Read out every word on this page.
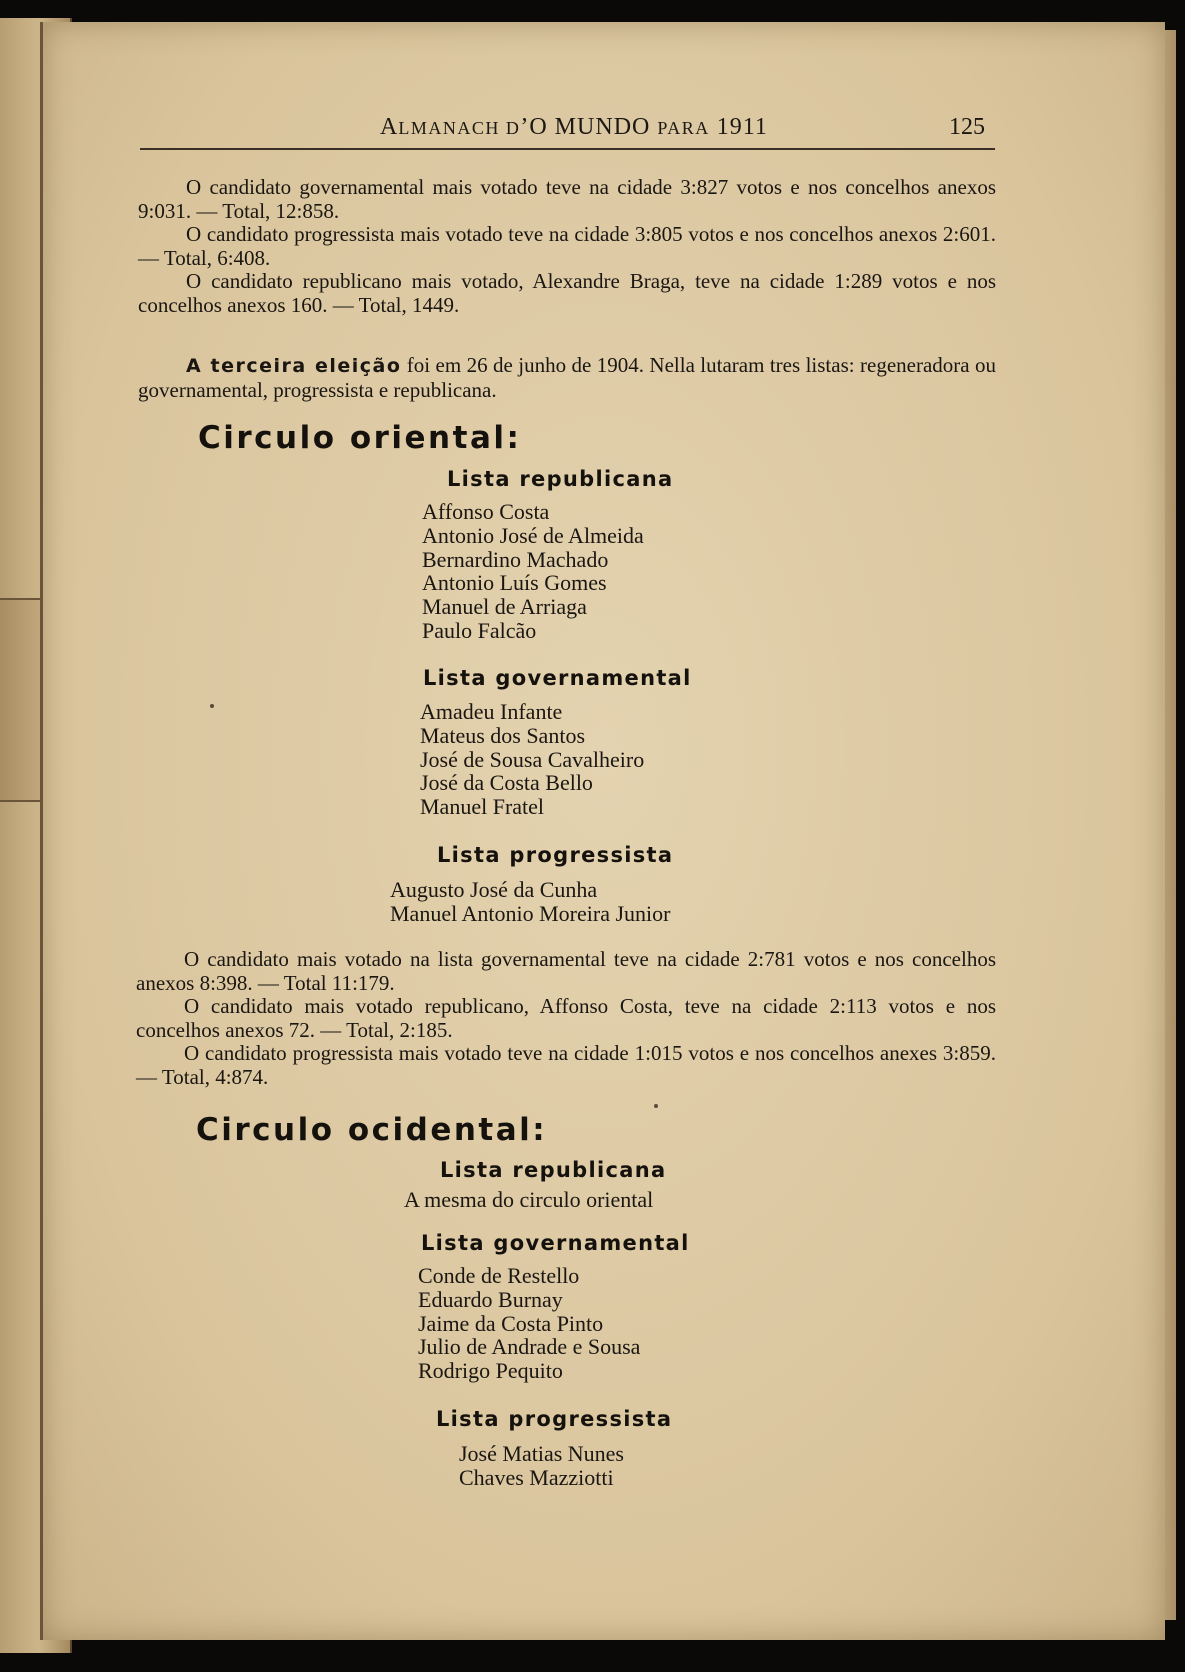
ALMANACH D’O MUNDO PARA 1911	125

O candidato governamental mais votado teve na cidade 3:827 votos e nos concelhos anexos 9:031. — Total, 12:858.

O candidato progressista mais votado teve na cidade 3:805 votos e nos concelhos anexos 2:601. — Total, 6:408.

O candidato republicano mais votado, Alexandre Braga, teve na cidade 1:289 votos e nos concelhos anexos 160. — Total, 1449.

A terceira eleição foi em 26 de junho de 1904. Nella lutaram tres listas: regeneradora ou governamental, progressista e republicana.

Circulo oriental:
Lista republicana
Affonso Costa
Antonio José de Almeida
Bernardino Machado
Antonio Luís Gomes
Manuel de Arriaga
Paulo Falcão
Lista governamental
Amadeu Infante
Mateus dos Santos
José de Sousa Cavalheiro
José da Costa Bello
Manuel Fratel
Lista progressista
Augusto José da Cunha
Manuel Antonio Moreira Junior

O candidato mais votado na lista governamental teve na cidade 2:781 votos e nos concelhos anexos 8:398. — Total 11:179.

O candidato mais votado republicano, Affonso Costa, teve na cidade 2:113 votos e nos concelhos anexos 72. — Total, 2:185.

O candidato progressista mais votado teve na cidade 1:015 votos e nos concelhos anexes 3:859. — Total, 4:874.

Circulo ocidental:
Lista republicana
A mesma do circulo oriental
Lista governamental
Conde de Restello
Eduardo Burnay
Jaime da Costa Pinto
Julio de Andrade e Sousa
Rodrigo Pequito
Lista progressista
José Matias Nunes
Chaves Mazziotti
